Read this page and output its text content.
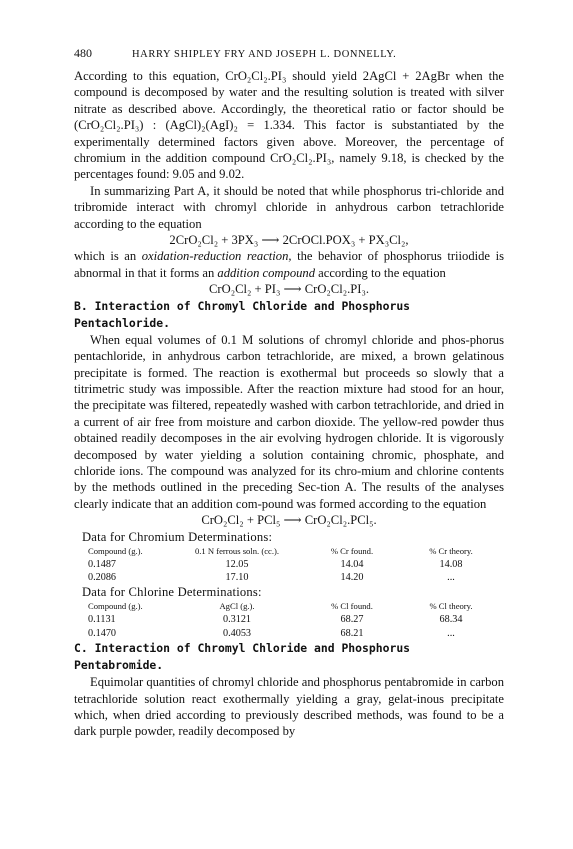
480	HARRY SHIPLEY FRY AND JOSEPH L. DONNELLY.

According to this equation, CrO₂Cl₂.PI₃ should yield 2AgCl + 2AgBr when the compound is decomposed by water and the resulting solution is treated with silver nitrate as described above. Accordingly, the theoretical ratio or factor should be (CrO₂Cl₂.PI₃) : (AgCl)₂(AgI)₂ = 1.334. This factor is substantiated by the experimentally determined factors given above. Moreover, the percentage of chromium in the addition compound CrO₂Cl₂.PI₃, namely 9.18, is checked by the percentages found: 9.05 and 9.02.

In summarizing Part A, it should be noted that while phosphorus tri-chloride and tribromide interact with chromyl chloride in anhydrous carbon tetrachloride according to the equation

2CrO₂Cl₂ + 3PX₃ ⟶ 2CrOCl.POX₃ + PX₃Cl₂,

which is an oxidation-reduction reaction, the behavior of phosphorus triiodide is abnormal in that it forms an addition compound according to the equation

CrO₂Cl₂ + PI₃ ⟶ CrO₂Cl₂.PI₃.
B. Interaction of Chromyl Chloride and Phosphorus Pentachloride.

When equal volumes of 0.1 M solutions of chromyl chloride and phos-phorus pentachloride, in anhydrous carbon tetrachloride, are mixed, a brown gelatinous precipitate is formed. The reaction is exothermal but proceeds so slowly that a titrimetric study was impossible. After the reaction mixture had stood for an hour, the precipitate was filtered, repeatedly washed with carbon tetrachloride, and dried in a current of air free from moisture and carbon dioxide. The yellow-red powder thus obtained readily decomposes in the air evolving hydrogen chloride. It is vigorously decomposed by water yielding a solution containing chromic, phosphate, and chloride ions. The compound was analyzed for its chro-mium and chlorine contents by the methods outlined in the preceding Sec-tion A. The results of the analyses clearly indicate that an addition com-pound was formed according to the equation

CrO₂Cl₂ + PCl₅ ⟶ CrO₂Cl₂.PCl₅.
Data for Chromium Determinations:
Compound (g.).	0.1 N ferrous soln. (cc.).	% Cr found.	% Cr theory.
0.1487	12.05	14.04	14.08
0.2086	17.10	14.20	...
Data for Chlorine Determinations:
Compound (g.).	AgCl (g.).	% Cl found.	% Cl theory.
0.1131	0.3121	68.27	68.34
0.1470	0.4053	68.21	...
C. Interaction of Chromyl Chloride and Phosphorus Pentabromide.

Equimolar quantities of chromyl chloride and phosphorus pentabromide in carbon tetrachloride solution react exothermally yielding a gray, gelat-inous precipitate which, when dried according to previously described methods, was found to be a dark purple powder, readily decomposed by
